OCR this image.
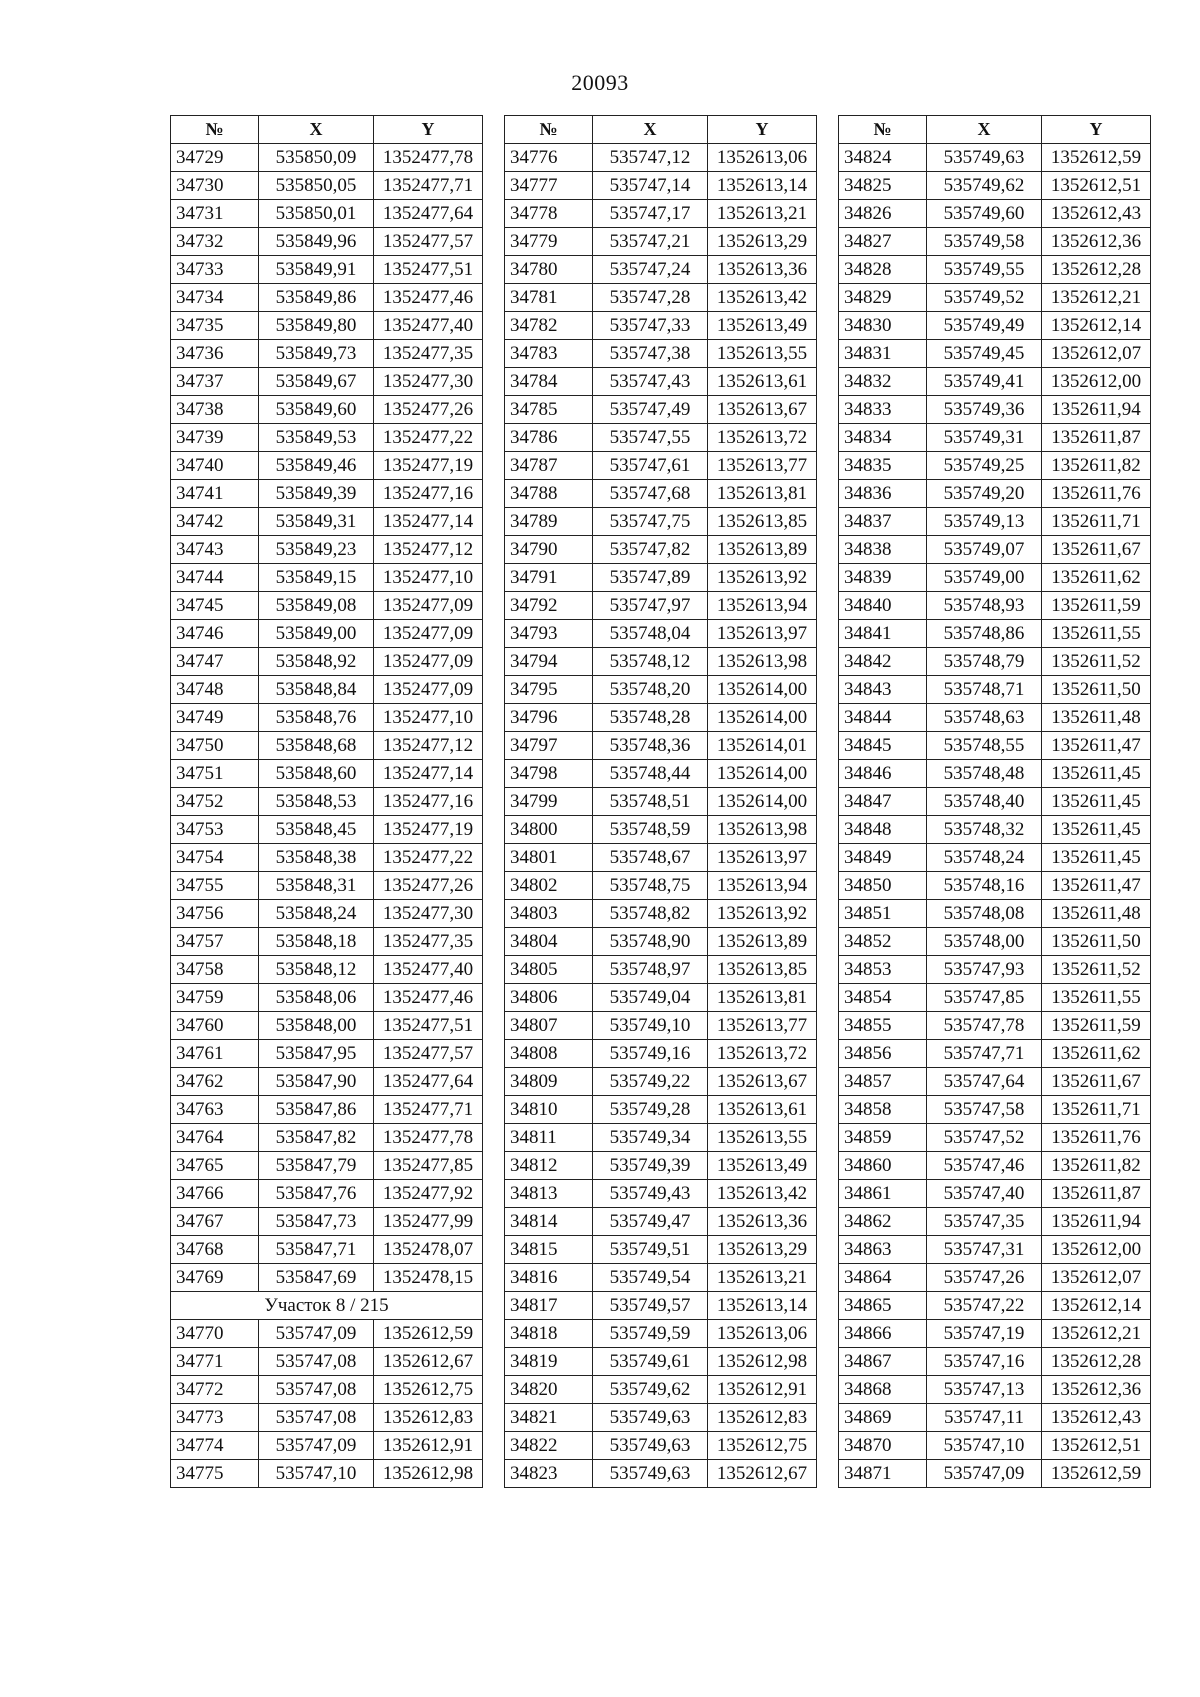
20093
№	X	Y
34729	535850,09	1352477,78
34730	535850,05	1352477,71
34731	535850,01	1352477,64
34732	535849,96	1352477,57
34733	535849,91	1352477,51
34734	535849,86	1352477,46
34735	535849,80	1352477,40
34736	535849,73	1352477,35
34737	535849,67	1352477,30
34738	535849,60	1352477,26
34739	535849,53	1352477,22
34740	535849,46	1352477,19
34741	535849,39	1352477,16
34742	535849,31	1352477,14
34743	535849,23	1352477,12
34744	535849,15	1352477,10
34745	535849,08	1352477,09
34746	535849,00	1352477,09
34747	535848,92	1352477,09
34748	535848,84	1352477,09
34749	535848,76	1352477,10
34750	535848,68	1352477,12
34751	535848,60	1352477,14
34752	535848,53	1352477,16
34753	535848,45	1352477,19
34754	535848,38	1352477,22
34755	535848,31	1352477,26
34756	535848,24	1352477,30
34757	535848,18	1352477,35
34758	535848,12	1352477,40
34759	535848,06	1352477,46
34760	535848,00	1352477,51
34761	535847,95	1352477,57
34762	535847,90	1352477,64
34763	535847,86	1352477,71
34764	535847,82	1352477,78
34765	535847,79	1352477,85
34766	535847,76	1352477,92
34767	535847,73	1352477,99
34768	535847,71	1352478,07
34769	535847,69	1352478,15
Участок 8 / 215		
34770	535747,09	1352612,59
34771	535747,08	1352612,67
34772	535747,08	1352612,75
34773	535747,08	1352612,83
34774	535747,09	1352612,91
34775	535747,10	1352612,98
№	X	Y
34776	535747,12	1352613,06
34777	535747,14	1352613,14
34778	535747,17	1352613,21
34779	535747,21	1352613,29
34780	535747,24	1352613,36
34781	535747,28	1352613,42
34782	535747,33	1352613,49
34783	535747,38	1352613,55
34784	535747,43	1352613,61
34785	535747,49	1352613,67
34786	535747,55	1352613,72
34787	535747,61	1352613,77
34788	535747,68	1352613,81
34789	535747,75	1352613,85
34790	535747,82	1352613,89
34791	535747,89	1352613,92
34792	535747,97	1352613,94
34793	535748,04	1352613,97
34794	535748,12	1352613,98
34795	535748,20	1352614,00
34796	535748,28	1352614,00
34797	535748,36	1352614,01
34798	535748,44	1352614,00
34799	535748,51	1352614,00
34800	535748,59	1352613,98
34801	535748,67	1352613,97
34802	535748,75	1352613,94
34803	535748,82	1352613,92
34804	535748,90	1352613,89
34805	535748,97	1352613,85
34806	535749,04	1352613,81
34807	535749,10	1352613,77
34808	535749,16	1352613,72
34809	535749,22	1352613,67
34810	535749,28	1352613,61
34811	535749,34	1352613,55
34812	535749,39	1352613,49
34813	535749,43	1352613,42
34814	535749,47	1352613,36
34815	535749,51	1352613,29
34816	535749,54	1352613,21
34817	535749,57	1352613,14
34818	535749,59	1352613,06
34819	535749,61	1352612,98
34820	535749,62	1352612,91
34821	535749,63	1352612,83
34822	535749,63	1352612,75
34823	535749,63	1352612,67
№	X	Y
34824	535749,63	1352612,59
34825	535749,62	1352612,51
34826	535749,60	1352612,43
34827	535749,58	1352612,36
34828	535749,55	1352612,28
34829	535749,52	1352612,21
34830	535749,49	1352612,14
34831	535749,45	1352612,07
34832	535749,41	1352612,00
34833	535749,36	1352611,94
34834	535749,31	1352611,87
34835	535749,25	1352611,82
34836	535749,20	1352611,76
34837	535749,13	1352611,71
34838	535749,07	1352611,67
34839	535749,00	1352611,62
34840	535748,93	1352611,59
34841	535748,86	1352611,55
34842	535748,79	1352611,52
34843	535748,71	1352611,50
34844	535748,63	1352611,48
34845	535748,55	1352611,47
34846	535748,48	1352611,45
34847	535748,40	1352611,45
34848	535748,32	1352611,45
34849	535748,24	1352611,45
34850	535748,16	1352611,47
34851	535748,08	1352611,48
34852	535748,00	1352611,50
34853	535747,93	1352611,52
34854	535747,85	1352611,55
34855	535747,78	1352611,59
34856	535747,71	1352611,62
34857	535747,64	1352611,67
34858	535747,58	1352611,71
34859	535747,52	1352611,76
34860	535747,46	1352611,82
34861	535747,40	1352611,87
34862	535747,35	1352611,94
34863	535747,31	1352612,00
34864	535747,26	1352612,07
34865	535747,22	1352612,14
34866	535747,19	1352612,21
34867	535747,16	1352612,28
34868	535747,13	1352612,36
34869	535747,11	1352612,43
34870	535747,10	1352612,51
34871	535747,09	1352612,59
